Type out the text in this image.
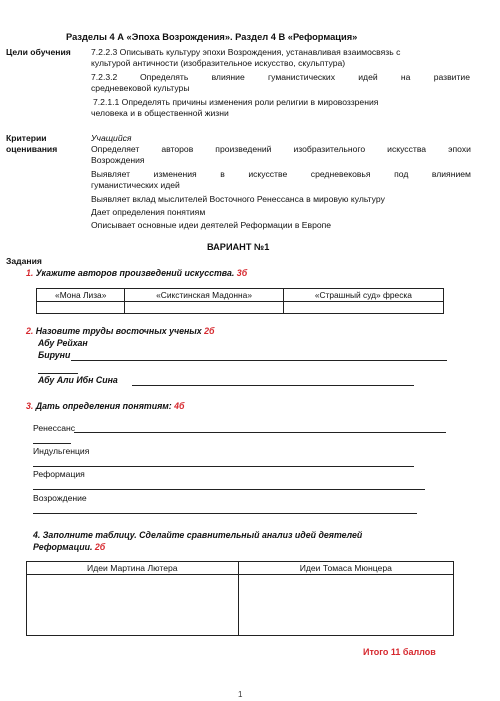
Разделы 4 А «Эпоха Возрождения». Раздел 4 В «Реформация»
Цели обучения 7.2.2.3 Описывать культуру эпохи Возрождения, устанавливая взаимосвязь с
культурой античности (изобразительное искусство, скульптура)
7.2.3.2	Определять	влияние	гуманистических	идей	на	развитие
средневековой культуры
7.2.1.1 Определять причины изменения роли религии в мировоззрения
человека и в общественной жизни
Критерии
оценивания
Учащийся
Определяет	авторов	произведений	изобразительного	искусства	эпохи
Возрождения
Выявляет	изменения	в	искусстве	средневековья	под	влиянием
гуманистических идей
Выявляет вклад мыслителей Восточного Ренессанса в мировую культуру
Дает определения понятиям
Описывает основные идеи деятелей Реформации в Европе
ВАРИАНТ №1
Задания
1. Укажите авторов произведений искусства. 3б
«Мона Лиза»	«Сикстинская Мадонна»	«Страшный суд» фреска

2. Назовите труды восточных ученых 2б
Абу Рейхан
Бируни
Абу Али Ибн Сина
3. Дать определения понятиям: 4б
Ренессанс
Индульгенция
Реформация
Возрождение
4. Заполните таблицу. Сделайте сравнительный анализ идей деятелей
Реформации. 2б
Идеи Мартина Лютера	Идеи Томаса Мюнцера

Итого 11 баллов
1
